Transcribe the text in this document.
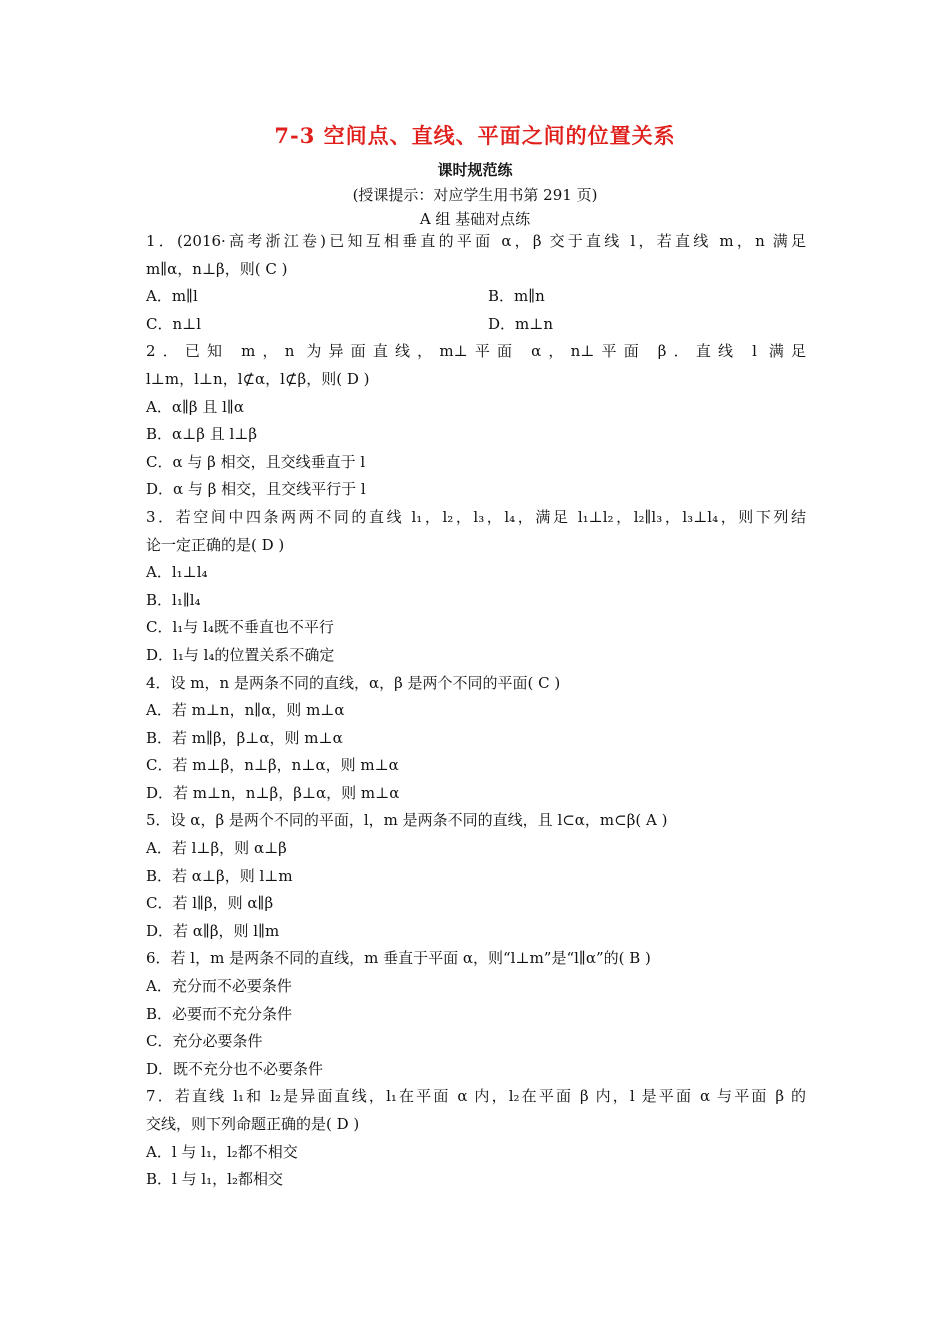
7-3 空间点、直线、平面之间的位置关系
课时规范练
(授课提示：对应学生用书第 291 页)
A 组 基础对点练
1．(2016·高考浙江卷)已知互相垂直的平面 α，β 交于直线 l，若直线 m，n 满足
m∥α，n⊥β，则( C )
A．m∥l	B．m∥n
C．n⊥l	D．m⊥n
2．已知 m，n 为异面直线，m⊥平面 α，n⊥平面 β．直线 l 满足
l⊥m，l⊥n，l⊄α，l⊄β，则( D )
A．α∥β 且 l∥α
B．α⊥β 且 l⊥β
C．α 与 β 相交，且交线垂直于 l
D．α 与 β 相交，且交线平行于 l
3．若空间中四条两两不同的直线 l₁，l₂，l₃，l₄，满足 l₁⊥l₂，l₂∥l₃，l₃⊥l₄，则下列结
论一定正确的是( D )
A．l₁⊥l₄
B．l₁∥l₄
C．l₁与 l₄既不垂直也不平行
D．l₁与 l₄的位置关系不确定
4．设 m，n 是两条不同的直线，α，β 是两个不同的平面( C )
A．若 m⊥n，n∥α，则 m⊥α
B．若 m∥β，β⊥α，则 m⊥α
C．若 m⊥β，n⊥β，n⊥α，则 m⊥α
D．若 m⊥n，n⊥β，β⊥α，则 m⊥α
5．设 α，β 是两个不同的平面，l，m 是两条不同的直线，且 l⊂α，m⊂β( A )
A．若 l⊥β，则 α⊥β
B．若 α⊥β，则 l⊥m
C．若 l∥β，则 α∥β
D．若 α∥β，则 l∥m
6．若 l，m 是两条不同的直线，m 垂直于平面 α，则“l⊥m”是“l∥α”的( B )
A．充分而不必要条件
B．必要而不充分条件
C．充分必要条件
D．既不充分也不必要条件
7．若直线 l₁和 l₂是异面直线，l₁在平面 α 内，l₂在平面 β 内，l 是平面 α 与平面 β 的
交线，则下列命题正确的是( D )
A．l 与 l₁，l₂都不相交
B．l 与 l₁，l₂都相交
